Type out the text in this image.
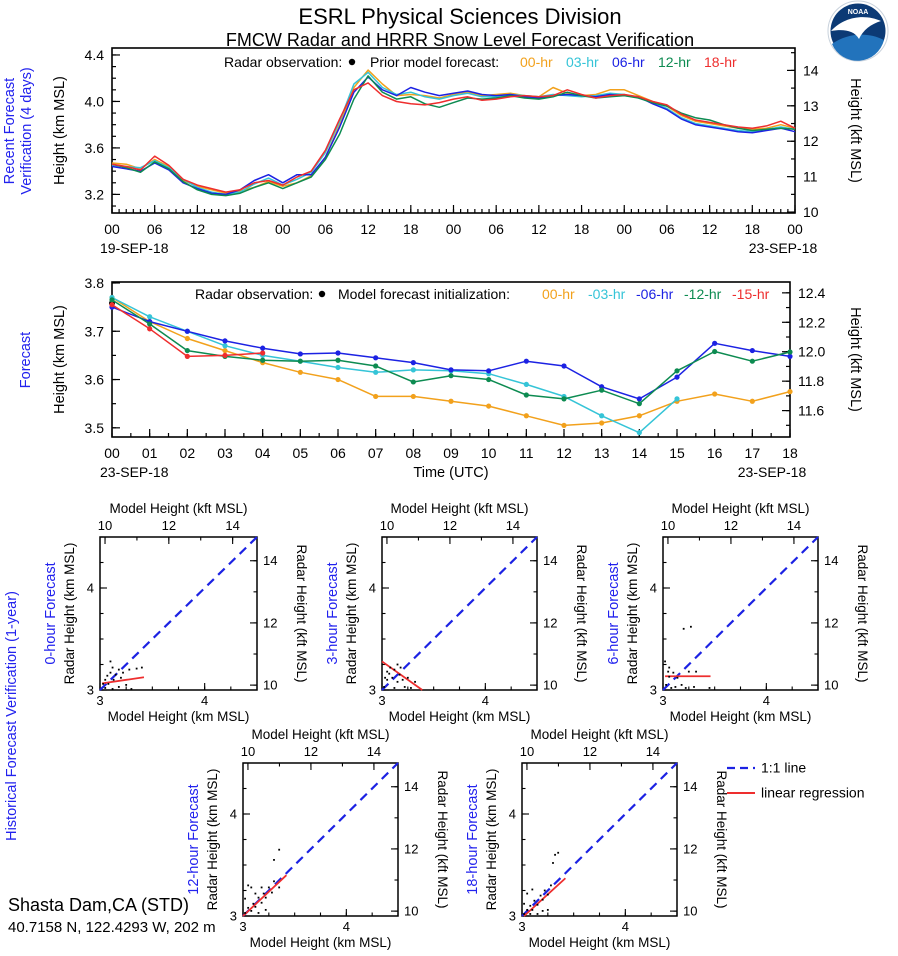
ESRL Physical Sciences Division
FMCW Radar and HRRR Snow Level Forecast Verification
NOAA
3.2
3.6
4.0
4.4
10
11
12
13
14
00 06 12 18 00 06 12 18 00 06 12 18 00 06 12 18 00
19-SEP-18	23-SEP-18
Radar observation: Prior model forecast: 00-hr 03-hr 06-hr 12-hr 18-hr
Recent Forecast Verification (4 days) Height (km MSL)	Height (kft MSL)
3.5
3.6
3.7
3.8
11.6
11.8
12.0
12.2
12.4
00 01 02 03 04 05 06 07 08 09 10 11 12 13 14 15 16 17 18
23-SEP-18	23-SEP-18
Time (UTC)
Radar observation: Model forecast initialization: 00-hr -03-hr -06-hr -12-hr -15-hr
Forecast Height (km MSL)	Height (kft MSL)
3
3
4
4
10
10
12
12
14
14
Model Height (kft MSL)
Model Height (km MSL)
Radar Height (km MSL)	Radar Height (kft MSL)
0-hour Forecast
3
3
4
4
10
10
12
12
14
14
Model Height (kft MSL)
Model Height (km MSL)
Radar Height (km MSL)	Radar Height (kft MSL)
3-hour Forecast
3
3
4
4
10
10
12
12
14
14
Model Height (kft MSL)
Model Height (km MSL)
Radar Height (km MSL)	Radar Height (kft MSL)
6-hour Forecast
3
3
4
4
10
10
12
12
14
14
Model Height (kft MSL)
Model Height (km MSL)
Radar Height (km MSL)	Radar Height (kft MSL)
12-hour Forecast
3
3
4
4
10
10
12
12
14
14
Model Height (kft MSL)
Model Height (km MSL)
Radar Height (km MSL)	Radar Height (kft MSL)
18-hour Forecast
1:1 line
linear regression
Historical Forecast Verification (1-year)
Shasta Dam,CA (STD)
40.7158 N, 122.4293 W, 202 m
